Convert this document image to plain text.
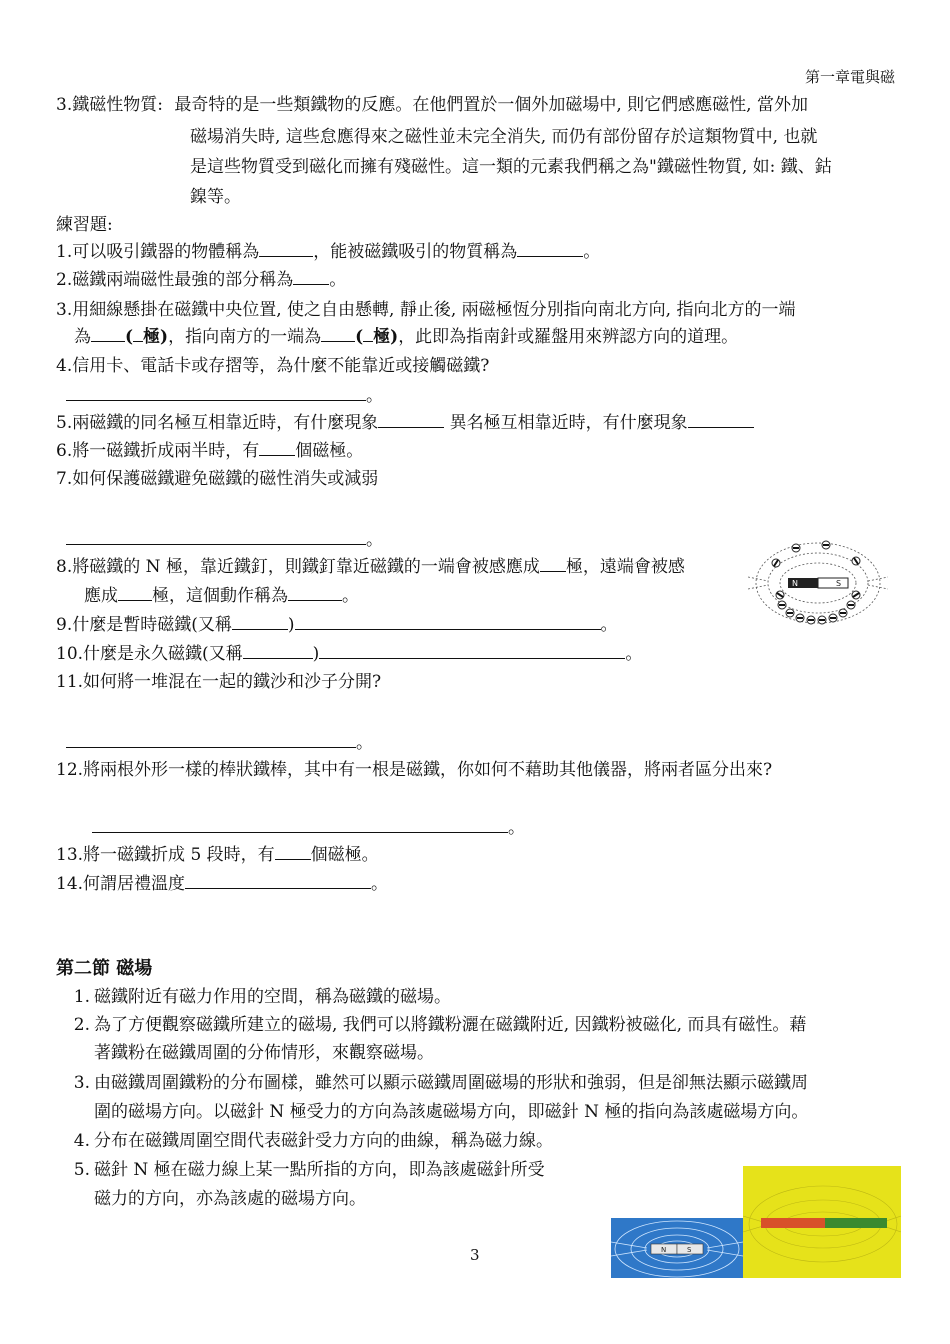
第一章電與磁
3.鐵磁性物質: 最奇特的是一些類鐵物的反應。在他們置於一個外加磁場中, 則它們感應磁性, 當外加
磁場消失時, 這些怠應得來之磁性並未完全消失, 而仍有部份留存於這類物質中, 也就
是這些物質受到磁化而擁有殘磁性。這一類的元素我們稱之為"鐵磁性物質, 如: 鐵、鈷
鎳等。
練習題:
1.可以吸引鐵器的物體稱為	，能被磁鐵吸引的物質稱為	。
2.磁鐵兩端磁性最強的部分稱為 。
3.用細線懸掛在磁鐵中央位置, 使之自由懸轉, 靜止後, 兩磁極恆分別指向南北方向, 指向北方的一端
為 ( 極)，指向南方的一端為 ( 極)，此即為指南針或羅盤用來辨認方向的道理。
4.信用卡、電話卡或存摺等，為什麼不能靠近或接觸磁鐵?
。
5.兩磁鐵的同名極互相靠近時，有什麼現象	異名極互相靠近時，有什麼現象
6.將一磁鐵折成兩半時，有 個磁極。
7.如何保護磁鐵避免磁鐵的磁性消失或減弱
。
8.將磁鐵的 N 極，靠近鐵釘，則鐵釘靠近磁鐵的一端會被感應成 極，遠端會被感
應成 極，這個動作稱為	。
9.什麼是暫時磁鐵(又稱	)	。
10.什麼是永久磁鐵(又稱	)	。
11.如何將一堆混在一起的鐵沙和沙子分開?
。
12.將兩根外形一樣的棒狀鐵棒，其中有一根是磁鐵，你如何不藉助其他儀器，將兩者區分出來?
。
13.將一磁鐵折成 5 段時，有 個磁極。
14.何謂居禮溫度	。
第二節 磁場
1. 磁鐵附近有磁力作用的空間，稱為磁鐵的磁場。
2. 為了方便觀察磁鐵所建立的磁場, 我們可以將鐵粉灑在磁鐵附近, 因鐵粉被磁化, 而具有磁性。藉
著鐵粉在磁鐵周圍的分佈情形，來觀察磁場。
3. 由磁鐵周圍鐵粉的分布圖樣，雖然可以顯示磁鐵周圍磁場的形狀和強弱，但是卻無法顯示磁鐵周
圍的磁場方向。以磁針 N 極受力的方向為該處磁場方向，即磁針 N 極的指向為該處磁場方向。
4. 分布在磁鐵周圍空間代表磁針受力方向的曲線，稱為磁力線。
5. 磁針 N 極在磁力線上某一點所指的方向，即為該處磁針所受
磁力的方向，亦為該處的磁場方向。
N	S
N	S
3
